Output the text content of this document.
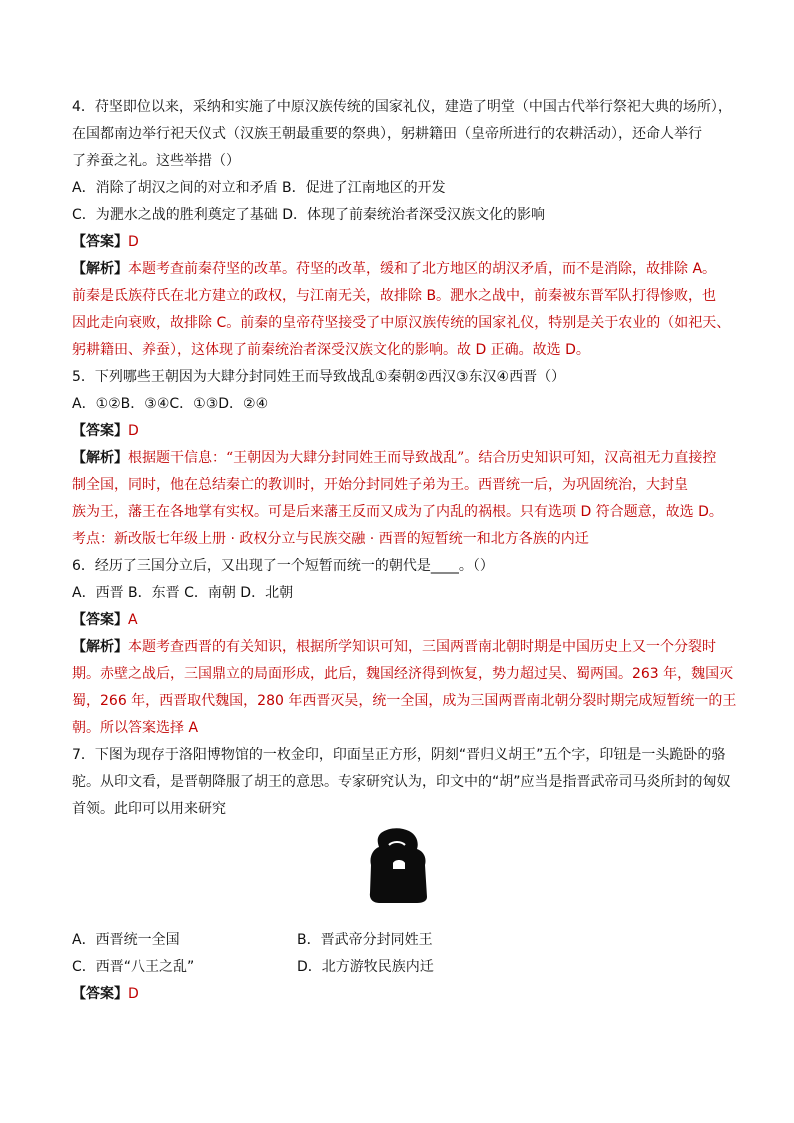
4．苻坚即位以来，采纳和实施了中原汉族传统的国家礼仪，建造了明堂（中国古代举行祭祀大典的场所），
在国都南边举行祀天仪式（汉族王朝最重要的祭典），躬耕籍田（皇帝所进行的农耕活动），还命人举行
了养蚕之礼。这些举措（）
A．消除了胡汉之间的对立和矛盾 B．促进了江南地区的开发
C．为淝水之战的胜利奠定了基础 D．体现了前秦统治者深受汉族文化的影响
【答案】D
【解析】本题考查前秦苻坚的改革。苻坚的改革，缓和了北方地区的胡汉矛盾，而不是消除，故排除 A。
前秦是氐族苻氏在北方建立的政权，与江南无关，故排除 B。淝水之战中，前秦被东晋军队打得惨败，也
因此走向衰败，故排除 C。前秦的皇帝苻坚接受了中原汉族传统的国家礼仪，特别是关于农业的（如祀天、
躬耕籍田、养蚕），这体现了前秦统治者深受汉族文化的影响。故 D 正确。故选 D。
5．下列哪些王朝因为大肆分封同姓王而导致战乱①秦朝②西汉③东汉④西晋（）
A．①②B．③④C．①③D．②④
【答案】D
【解析】根据题干信息：“王朝因为大肆分封同姓王而导致战乱”。结合历史知识可知，汉高祖无力直接控
制全国，同时，他在总结秦亡的教训时，开始分封同姓子弟为王。西晋统一后，为巩固统治，大封皇
族为王，藩王在各地掌有实权。可是后来藩王反而又成为了内乱的祸根。只有选项 D 符合题意，故选 D。
考点：新改版七年级上册 · 政权分立与民族交融 · 西晋的短暂统一和北方各族的内迁
6．经历了三国分立后，又出现了一个短暂而统一的朝代是____。（）
A．西晋 B．东晋 C．南朝 D．北朝
【答案】A
【解析】本题考查西晋的有关知识，根据所学知识可知，三国两晋南北朝时期是中国历史上又一个分裂时
期。赤壁之战后，三国鼎立的局面形成，此后，魏国经济得到恢复，势力超过吴、蜀两国。263 年，魏国灭
蜀，266 年，西晋取代魏国，280 年西晋灭吴，统一全国，成为三国两晋南北朝分裂时期完成短暂统一的王
朝。所以答案选择 A
7．下图为现存于洛阳博物馆的一枚金印，印面呈正方形，阴刻“晋归义胡王”五个字，印钮是一头跪卧的骆
驼。从印文看，是晋朝降服了胡王的意思。专家研究认为，印文中的“胡”应当是指晋武帝司马炎所封的匈奴
首领。此印可以用来研究
A．西晋统一全国	B．晋武帝分封同姓王
C．西晋“八王之乱”	D．北方游牧民族内迁
【答案】D
